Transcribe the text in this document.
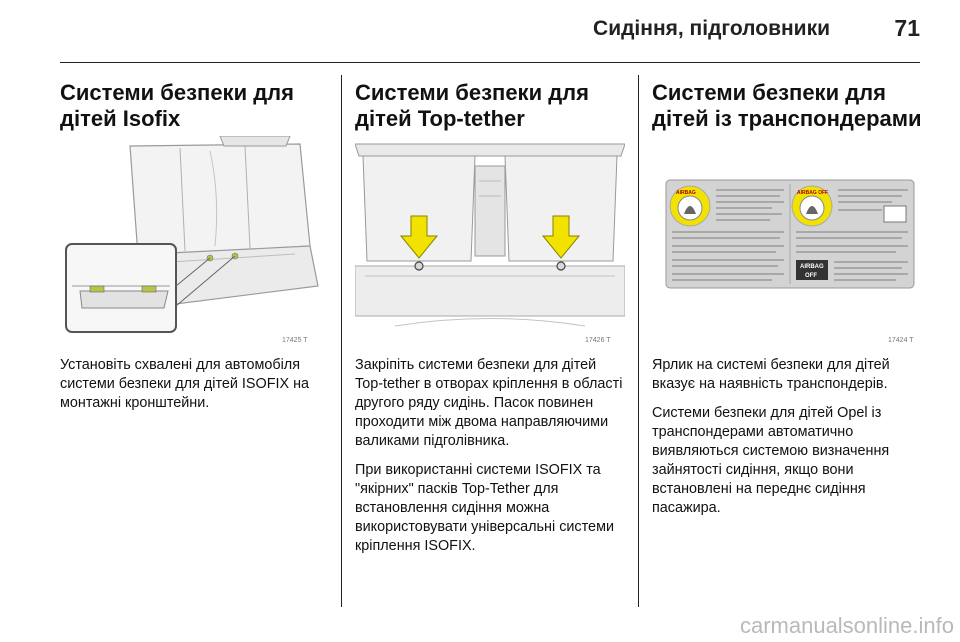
Сидіння, підголовники	71
Системи безпеки для
дітей Isofix
17425 T

Установіть схвалені для автомобіля системи безпеки для дітей ISOFIX на монтажні кронштейни.

Системи безпеки для
дітей Top-tether
17426 T

Закріпіть системи безпеки для дітей Top-tether в отворах кріплення в області другого ряду сидінь. Пасок повинен проходити між двома направляючими валиками підголівника.

При використанні системи ISOFIX та "якірних" пасків Top-Tether для встановлення сидіння можна використовувати універсальні системи кріплення ISOFIX.

Системи безпеки для
дітей із транспондерами
AIRBAG	AIRBAG OFF
AIRBAG
OFF
17424 T

Ярлик на системі безпеки для дітей вказує на наявність транспондерів.

Системи безпеки для дітей Opel із транспондерами автоматично виявляються системою визначення зайнятості сидіння, якщо вони встановлені на переднє сидіння пасажира.

carmanualsonline.info
